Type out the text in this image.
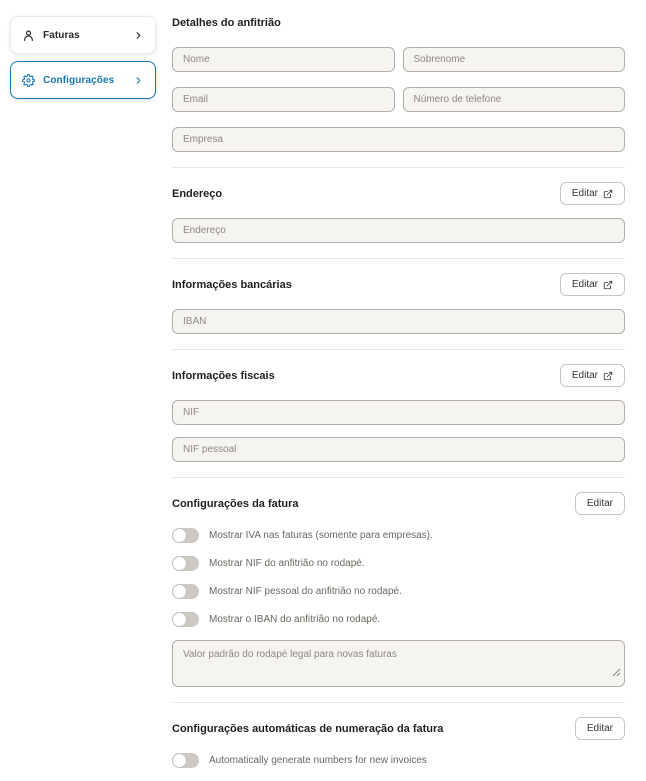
Faturas
Configurações
Detalhes do anfitrião
Nome
Sobrenome
Email
Número de telefone
Empresa
Endereço	Editar
Endereço
Informações bancárias	Editar
IBAN
Informações fiscais	Editar
NIF NIF pessoal
Configurações da fatura	Editar
Mostrar IVA nas faturas (somente para empresas).
Mostrar NIF do anfitrião no rodapé.
Mostrar NIF pessoal do anfitrião no rodapé.
Mostrar o IBAN do anfitrião no rodapé.
Valor padrão do rodapé legal para novas faturas
Configurações automáticas de numeração da fatura	Editar
Automatically generate numbers for new invoices
